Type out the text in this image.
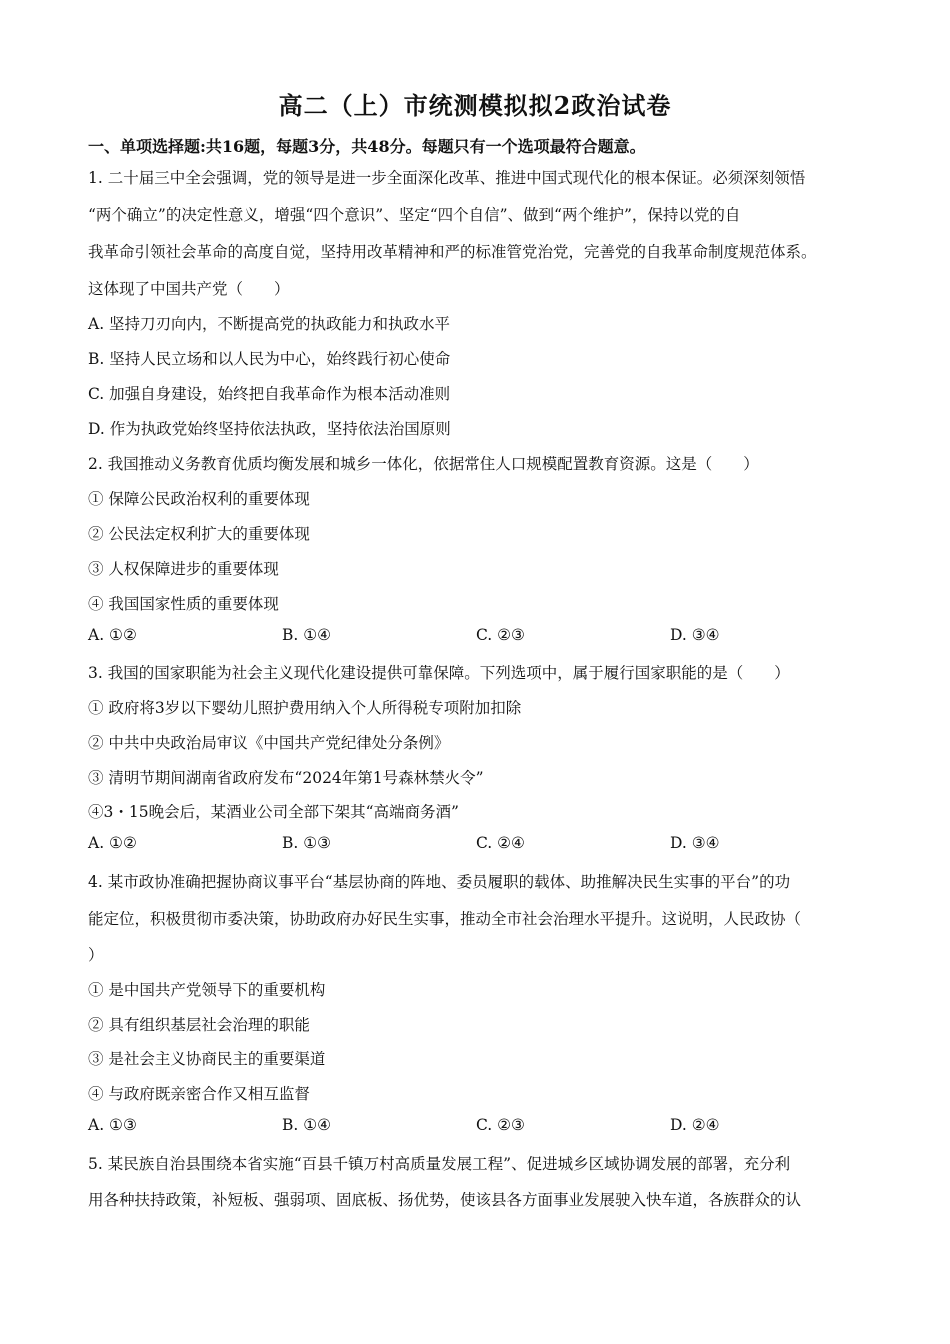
高二（上）市统测模拟拟2政治试卷
一、单项选择题:共16题，每题3分，共48分。每题只有一个选项最符合题意。
1. 二十届三中全会强调，党的领导是进一步全面深化改革、推进中国式现代化的根本保证。必须深刻领悟
“两个确立”的决定性意义，增强“四个意识”、坚定“四个自信”、做到“两个维护”，保持以党的自
我革命引领社会革命的高度自觉，坚持用改革精神和严的标准管党治党，完善党的自我革命制度规范体系。
这体现了中国共产党（　　）
A. 坚持刀刃向内，不断提高党的执政能力和执政水平
B. 坚持人民立场和以人民为中心，始终践行初心使命
C. 加强自身建设，始终把自我革命作为根本活动准则
D. 作为执政党始终坚持依法执政，坚持依法治国原则
2. 我国推动义务教育优质均衡发展和城乡一体化，依据常住人口规模配置教育资源。这是（　　）
① 保障公民政治权利的重要体现
② 公民法定权利扩大的重要体现
③ 人权保障进步的重要体现
④ 我国国家性质的重要体现
A. ①②	B. ①④	C. ②③	D. ③④
3. 我国的国家职能为社会主义现代化建设提供可靠保障。下列选项中，属于履行国家职能的是（　　）
① 政府将3岁以下婴幼儿照护费用纳入个人所得税专项附加扣除
② 中共中央政治局审议《中国共产党纪律处分条例》
③ 清明节期间湖南省政府发布“2024年第1号森林禁火令”
④3・15晚会后，某酒业公司全部下架其“高端商务酒”
A. ①②	B. ①③	C. ②④	D. ③④
4. 某市政协准确把握协商议事平台“基层协商的阵地、委员履职的载体、助推解决民生实事的平台”的功
能定位，积极贯彻市委决策，协助政府办好民生实事，推动全市社会治理水平提升。这说明，人民政协（
）
① 是中国共产党领导下的重要机构
② 具有组织基层社会治理的职能
③ 是社会主义协商民主的重要渠道
④ 与政府既亲密合作又相互监督
A. ①③	B. ①④	C. ②③	D. ②④
5. 某民族自治县围绕本省实施“百县千镇万村高质量发展工程”、促进城乡区域协调发展的部署，充分利
用各种扶持政策，补短板、强弱项、固底板、扬优势，使该县各方面事业发展驶入快车道，各族群众的认
